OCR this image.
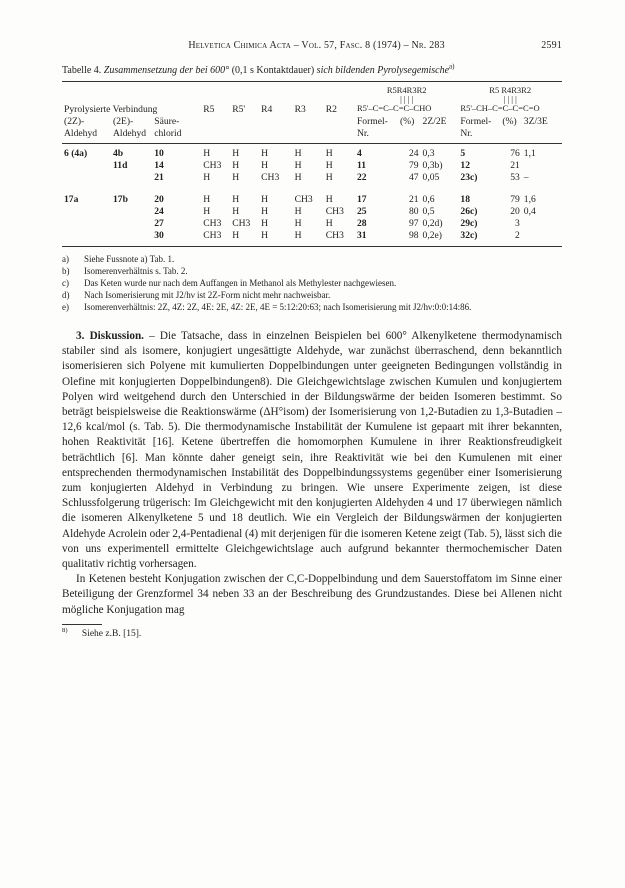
Helvetica Chimica Acta – Vol. 57, Fasc. 8 (1974) – Nr. 283	2591
Tabelle 4. Zusammensetzung der bei 600° (0,1 s Kontaktdauer) sich bildenden Pyrolysegemische$^{a)}$
								R5R4R3R2			R5 R4R3R2		
								| | | |			| | | |		
Pyrolysierte Verbindung			R5	R5'	R4	R3	R2	R5'–C=C–C=C–CHO			R5'–CH–C=C–C=C=O		
(2Z)-	(2E)-	Säure-						Formel-	(%)	2Z/2E	Formel-	(%)	3Z/3E
Aldehyd	Aldehyd	chlorid						Nr.			Nr.		

6 (4a)	4b	10	H	H	H	H	H	4	24	0,3	5	76	1,1
	11d	14	CH3	H	H	H	H	11	79	0,3b)	12	21	
		21	H	H	CH3	H	H	22	47	0,05	23c)	53	–
17a	17b	20	H	H	H	CH3	H	17	21	0,6	18	79	1,6
		24	H	H	H	H	CH3	25	80	0,5	26c)	20	0,4
		27	CH3	CH3	H	H	H	28	97	0,2d)	29c)	3	
		30	CH3	H	H	H	CH3	31	98	0,2e)	32c)	2	

a)	Siehe Fussnote a) Tab. 1.
b)	Isomerenverhältnis s. Tab. 2.
c)	Das Keten wurde nur nach dem Auffangen in Methanol als Methylester nachgewiesen.
d)	Nach Isomerisierung mit J2/hν ist 2Z-Form nicht mehr nachweisbar.
e)	Isomerenverhältnis: 2Z, 4Z: 2Z, 4E: 2E, 4Z: 2E, 4E = 5:12:20:63; nach Isomerisierung mit J2/hν:0:0:14:86.

3. Diskussion. – Die Tatsache, dass in einzelnen Beispielen bei 600° Alkenylketene thermodynamisch stabiler sind als isomere, konjugiert ungesättigte Aldehyde, war zunächst überraschend, denn bekanntlich isomerisieren sich Polyene mit kumulierten Doppelbindungen unter geeigneten Bedingungen vollständig in Olefine mit konjugierten Doppelbindungen8). Die Gleichgewichtslage zwischen Kumulen und konjugiertem Polyen wird weitgehend durch den Unterschied in der Bildungswärme der beiden Isomeren bestimmt. So beträgt beispielsweise die Reaktionswärme (ΔH°isom) der Isomerisierung von 1,2-Butadien zu 1,3-Butadien –12,6 kcal/mol (s. Tab. 5). Die thermodynamische Instabilität der Kumulene ist gepaart mit ihrer bekannten, hohen Reaktivität [16]. Ketene übertreffen die homomorphen Kumulene in ihrer Reaktionsfreudigkeit beträchtlich [6]. Man könnte daher geneigt sein, ihre Reaktivität wie bei den Kumulenen mit einer entsprechenden thermodynamischen Instabilität des Doppelbindungssystems gegenüber einer Isomerisierung zum konjugierten Aldehyd in Verbindung zu bringen. Wie unsere Experimente zeigen, ist diese Schlussfolgerung trügerisch: Im Gleichgewicht mit den konjugierten Aldehyden 4 und 17 überwiegen nämlich die isomeren Alkenylketene 5 und 18 deutlich. Wie ein Vergleich der Bildungswärmen der konjugierten Aldehyde Acrolein oder 2,4-Pentadienal (4) mit derjenigen für die isomeren Ketene zeigt (Tab. 5), lässt sich die von uns experimentell ermittelte Gleichgewichtslage auch aufgrund bekannter thermochemischer Daten qualitativ richtig vorhersagen.

In Ketenen besteht Konjugation zwischen der C,C-Doppelbindung und dem Sauerstoffatom im Sinne einer Beteiligung der Grenzformel 34 neben 33 an der Beschreibung des Grundzustandes. Diese bei Allenen nicht mögliche Konjugation mag

$^{8)}$ Siehe z.B. [15].
